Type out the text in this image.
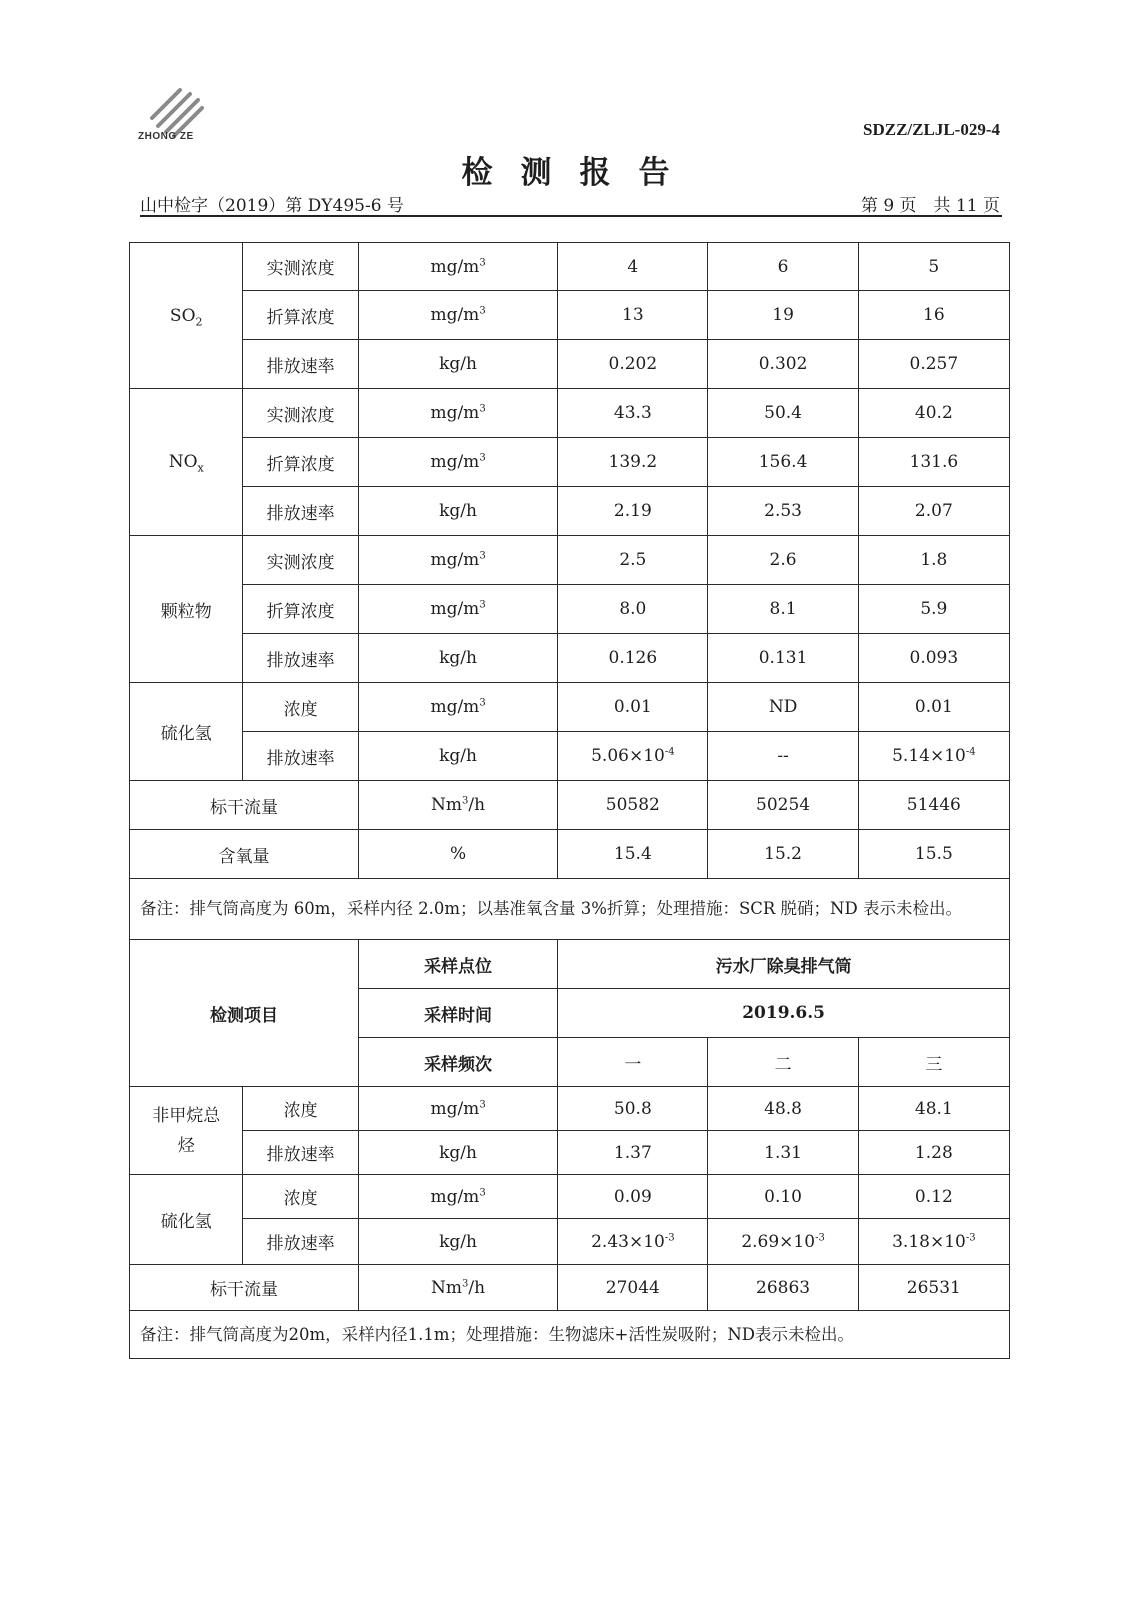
ZHONG ZE	SDZZ/ZLJL-029-4
检测报告
山中检字（2019）第 DY495-6 号	第 9 页　共 11 页
$SO_2$	实测浓度	$mg/m^3$	4	6	5
	折算浓度	$mg/m^3$	13	19	16
	排放速率	kg/h	0.202	0.302	0.257
$NO_x$	实测浓度	$mg/m^3$	43.3	50.4	40.2
	折算浓度	$mg/m^3$	139.2	156.4	131.6
	排放速率	kg/h	2.19	2.53	2.07
颗粒物	实测浓度	$mg/m^3$	2.5	2.6	1.8
	折算浓度	$mg/m^3$	8.0	8.1	5.9
	排放速率	kg/h	0.126	0.131	0.093
硫化氢	浓度	$mg/m^3$	0.01	ND	0.01
	排放速率	kg/h	$5.06\times 10^{-4}$	--	$5.14\times 10^{-4}$
标干流量		Nm$^3$/h	50582	50254	51446
含氧量		%	15.4	15.2	15.5
备注：排气筒高度为 60m，采样内径 2.0m；以基准氧含量 3%折算；处理措施：SCR 脱硝；ND 表示未检出。					
检测项目		采样点位	污水厂除臭排气筒		
		采样时间	2019.6.5		
		采样频次	一	二	三
非甲烷总烃	浓度	$mg/m^3$	50.8	48.8	48.1
	排放速率	kg/h	1.37	1.31	1.28
硫化氢	浓度	$mg/m^3$	0.09	0.10	0.12
	排放速率	kg/h	$2.43\times 10^{-3}$	$2.69\times 10^{-3}$	$3.18\times 10^{-3}$
标干流量		Nm$^3$/h	27044	26863	26531
备注：排气筒高度为20m，采样内径1.1m；处理措施：生物滤床+活性炭吸附；ND表示未检出。					
